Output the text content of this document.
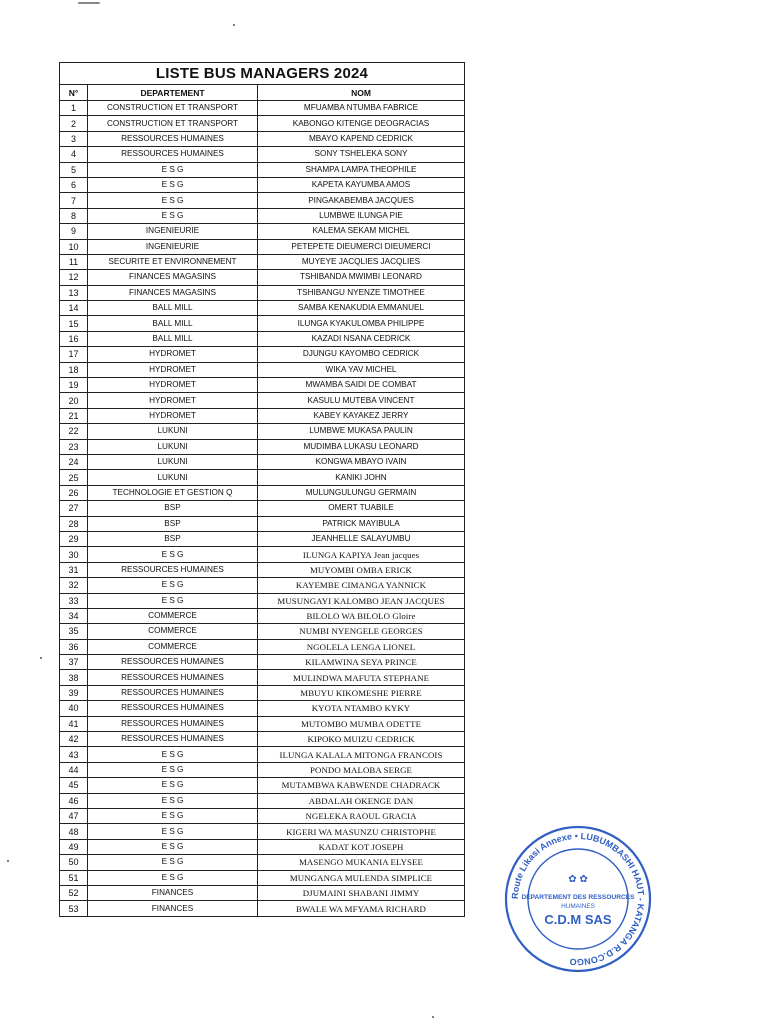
LISTE BUS MANAGERS 2024		
N°	DEPARTEMENT	NOM
1	CONSTRUCTION ET TRANSPORT	MFUAMBA NTUMBA FABRICE
2	CONSTRUCTION ET TRANSPORT	KABONGO KITENGE DEOGRACIAS
3	RESSOURCES HUMAINES	MBAYO KAPEND CEDRICK
4	RESSOURCES HUMAINES	SONY TSHELEKA SONY
5	E S G	SHAMPA LAMPA THEOPHILE
6	E S G	KAPETA KAYUMBA AMOS
7	E S G	PINGAKABEMBA JACQUES
8	E S G	LUMBWE ILUNGA PIE
9	INGENIEURIE	KALEMA SEKAM MICHEL
10	INGENIEURIE	PETEPETE DIEUMERCI DIEUMERCI
11	SECURITE ET ENVIRONNEMENT	MUYEYE JACQLIES JACQLIES
12	FINANCES MAGASINS	TSHIBANDA MWIMBI LEONARD
13	FINANCES MAGASINS	TSHIBANGU NYENZE TIMOTHEE
14	BALL MILL	SAMBA KENAKUDIA EMMANUEL
15	BALL MILL	ILUNGA KYAKULOMBA PHILIPPE
16	BALL MILL	KAZADI NSANA CEDRICK
17	HYDROMET	DJUNGU KAYOMBO CEDRICK
18	HYDROMET	WIKA YAV MICHEL
19	HYDROMET	MWAMBA SAIDI DE COMBAT
20	HYDROMET	KASULU MUTEBA VINCENT
21	HYDROMET	KABEY KAYAKEZ JERRY
22	LUKUNI	LUMBWE MUKASA PAULIN
23	LUKUNI	MUDIMBA LUKASU LEONARD
24	LUKUNI	KONGWA MBAYO IVAIN
25	LUKUNI	KANIKI JOHN
26	TECHNOLOGIE ET GESTION Q	MULUNGULUNGU GERMAIN
27	BSP	OMERT TUABILE
28	BSP	PATRICK MAYIBULA
29	BSP	JEANHELLE SALAYUMBU
30	E S G	ILUNGA KAPIYA Jean jacques
31	RESSOURCES HUMAINES	MUYOMBI OMBA ERICK
32	E S G	KAYEMBE CIMANGA YANNICK
33	E S G	MUSUNGAYI KALOMBO JEAN JACQUES
34	COMMERCE	BILOLO WA BILOLO Gloire
35	COMMERCE	NUMBI NYENGELE GEORGES
36	COMMERCE	NGOLELA LENGA LIONEL
37	RESSOURCES HUMAINES	KILAMWINA SEYA PRINCE
38	RESSOURCES HUMAINES	MULINDWA MAFUTA STEPHANE
39	RESSOURCES HUMAINES	MBUYU KIKOMESHE PIERRE
40	RESSOURCES HUMAINES	KYOTA NTAMBO KYKY
41	RESSOURCES HUMAINES	MUTOMBO MUMBA ODETTE
42	RESSOURCES HUMAINES	KIPOKO MUIZU CEDRICK
43	E S G	ILUNGA KALALA MITONGA FRANCOIS
44	E S G	PONDO MALOBA SERGE
45	E S G	MUTAMBWA KABWENDE CHADRACK
46	E S G	ABDALAH OKENGE DAN
47	E S G	NGELEKA RAOUL GRACIA
48	E S G	KIGERI WA MASUNZU CHRISTOPHE
49	E S G	KADAT KOT JOSEPH
50	E S G	MASENGO MUKANIA ELYSEE
51	E S G	MUNGANGA MULENDA SIMPLICE
52	FINANCES	DJUMAINI SHABANI JIMMY
53	FINANCES	BWALE WA MFYAMA RICHARD
Route Likasi Annexe • LUBUMBASHI HAUT - KATANGA R.D.CONGO
✿ ✿
DEPARTEMENT DES RESSOURCES
HUMAINES
C.D.M SAS
